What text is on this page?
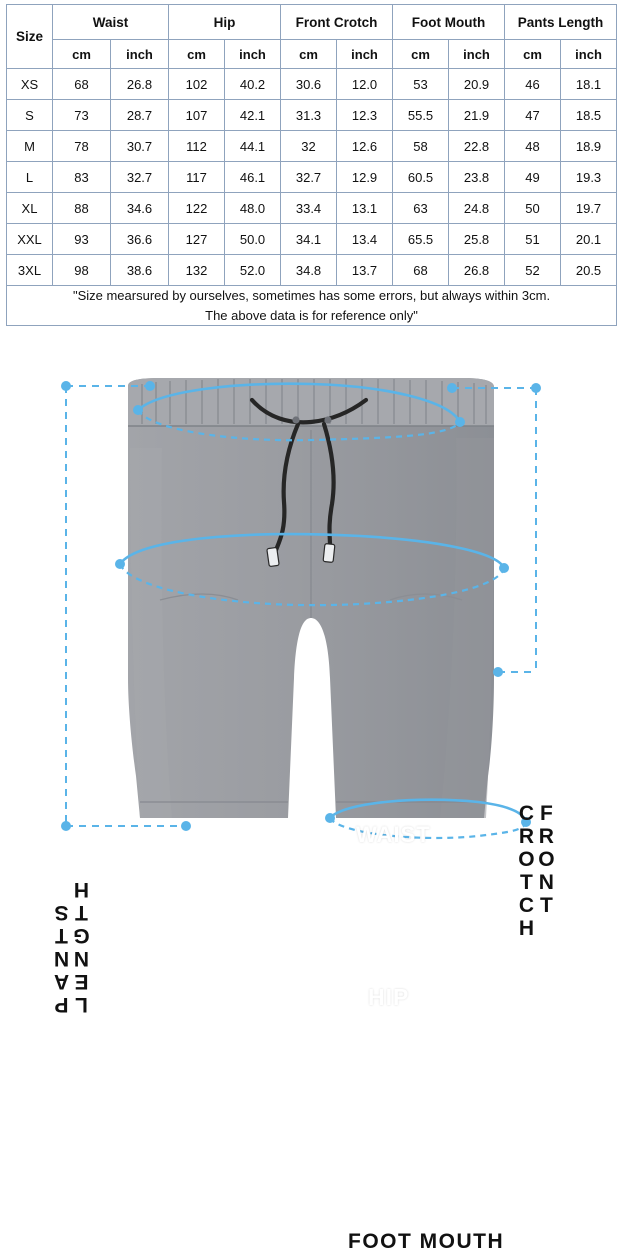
Size	Waist		Hip		Front Crotch		Foot Mouth		Pants Length	
	cm	inch	cm	inch	cm	inch	cm	inch	cm	inch
XS	68	26.8	102	40.2	30.6	12.0	53	20.9	46	18.1
S	73	28.7	107	42.1	31.3	12.3	55.5	21.9	47	18.5
M	78	30.7	112	44.1	32	12.6	58	22.8	48	18.9
L	83	32.7	117	46.1	32.7	12.9	60.5	23.8	49	19.3
XL	88	34.6	122	48.0	33.4	13.1	63	24.8	50	19.7
XXL	93	36.6	127	50.0	34.1	13.4	65.5	25.8	51	20.1
3XL	98	38.6	132	52.0	34.8	13.7	68	26.8	52	20.5

"Size mearsured by ourselves, sometimes has some errors, but always within 3cm.
The above data is for reference only"										
WAIST
HIP
FRONT CROTCH
PANTS LENGTH
FOOT MOUTH
